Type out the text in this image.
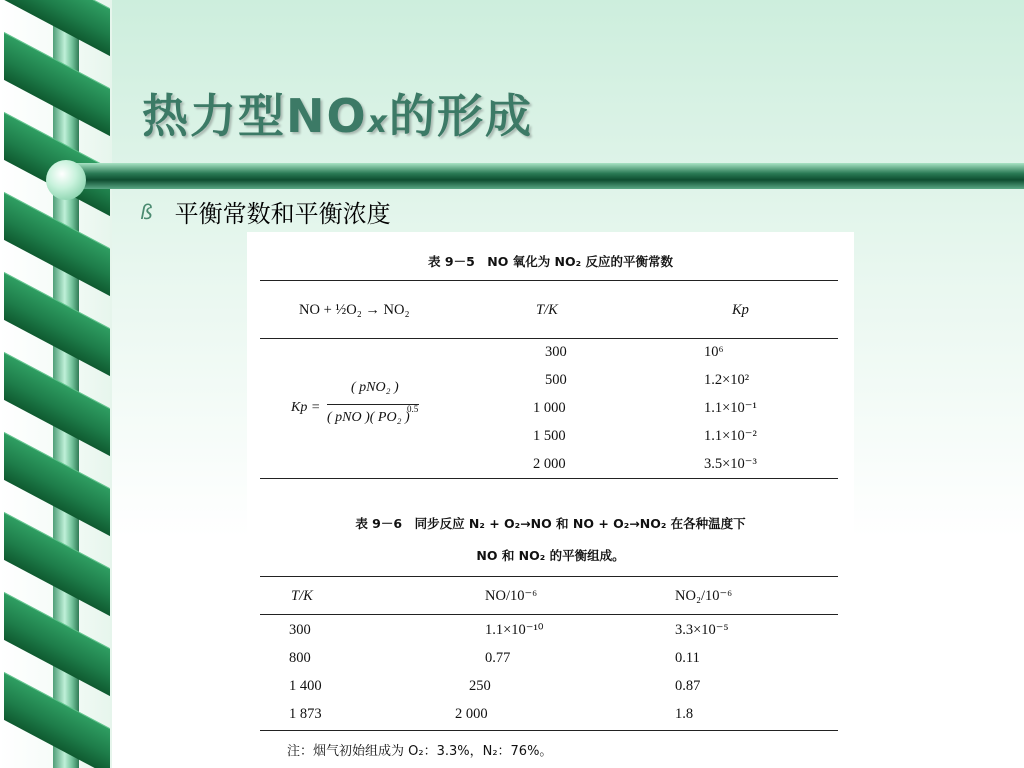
热力型NO x 的形成
ß 平衡常数和平衡浓度
表 9－5　NO 氧化为 NO₂ 反应的平衡常数
NO + ½O₂ → NO₂	T/K	Kp
Kp =
( pNO₂ )
( pNO )( PO₂ )
0.5
300	10⁶
500	1.2×10²
1 000	1.1×10⁻¹
1 500	1.1×10⁻²
2 000	3.5×10⁻³
表 9－6　同步反应 N₂ + O₂→NO 和 NO + O₂→NO₂ 在各种温度下
NO 和 NO₂ 的平衡组成。
T/K	NO/10⁻⁶	NO₂/10⁻⁶
300	1.1×10⁻¹⁰	3.3×10⁻⁵
800	0.77	0.11
1 400	250	0.87
1 873	2 000	1.8
注：烟气初始组成为 O₂：3.3%，N₂：76%。
